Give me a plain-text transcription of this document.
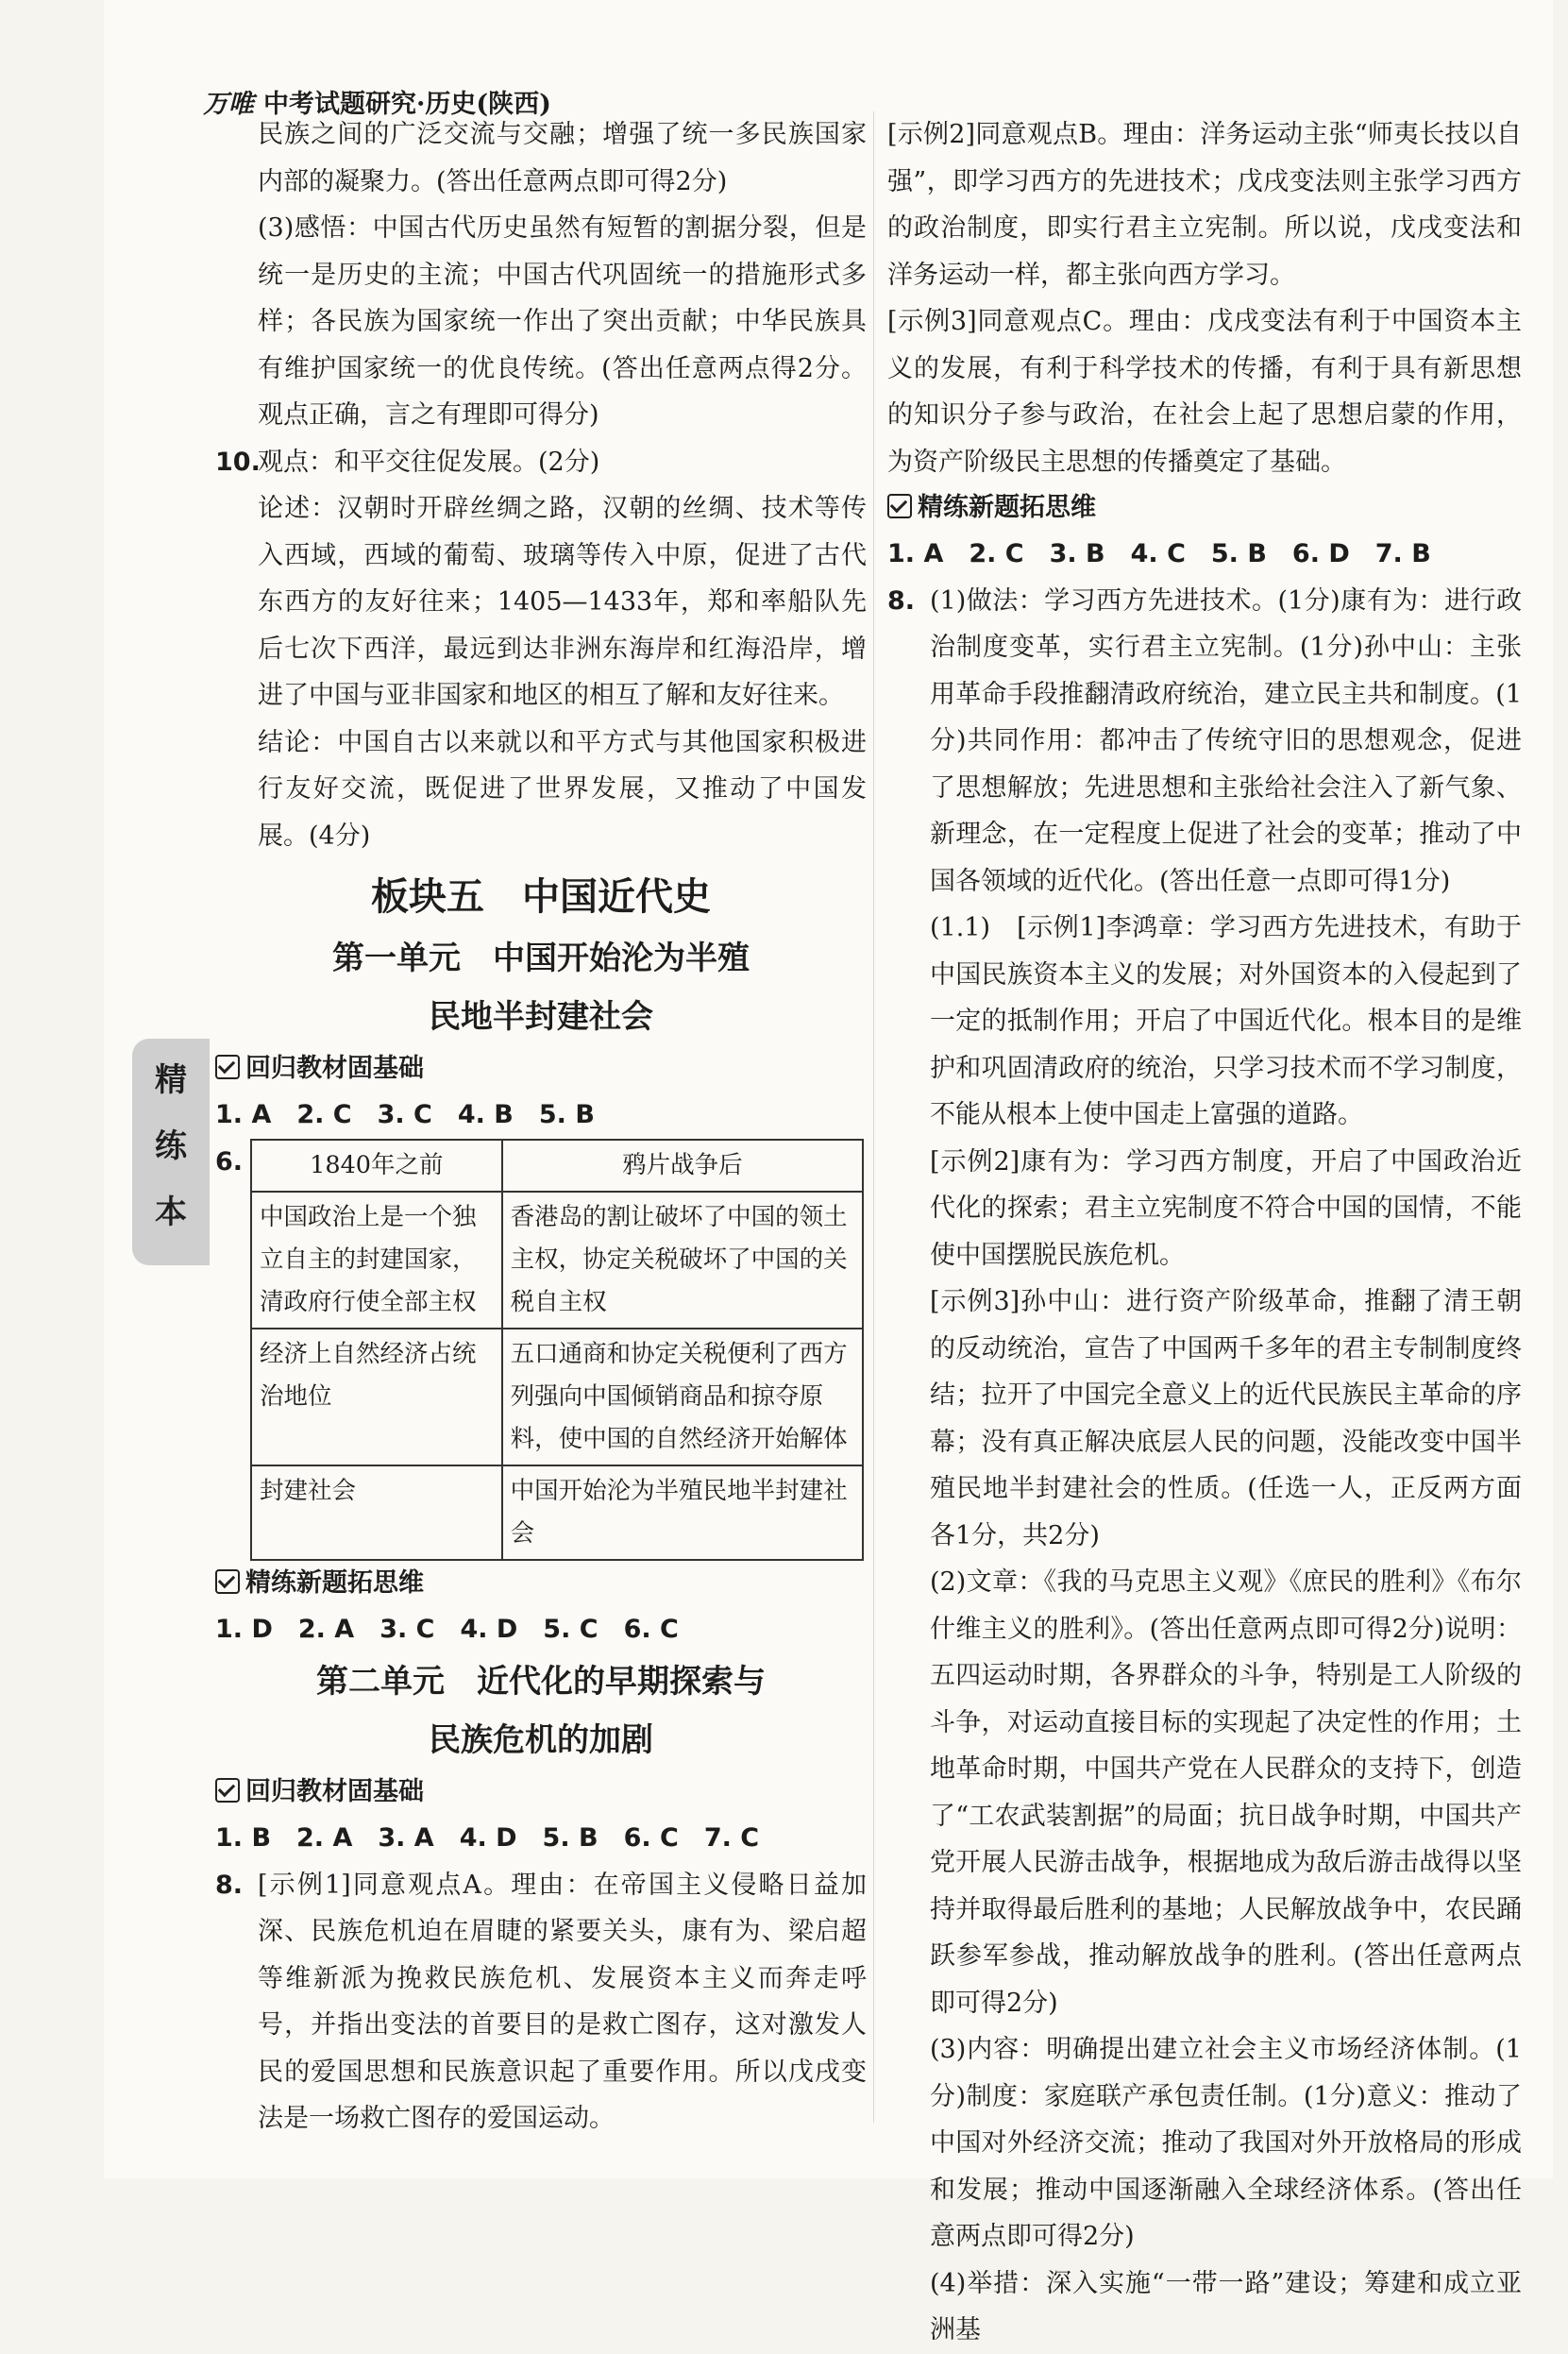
万唯 中考试题研究·历史(陕西)
精
练
本

民族之间的广泛交流与交融；增强了统一多民族国家内部的凝聚力。(答出任意两点即可得2分)

(3)感悟：中国古代历史虽然有短暂的割据分裂，但是统一是历史的主流；中国古代巩固统一的措施形式多样；各民族为国家统一作出了突出贡献；中华民族具有维护国家统一的优良传统。(答出任意两点得2分。观点正确，言之有理即可得分)

10.

观点：和平交往促发展。(2分)

论述：汉朝时开辟丝绸之路，汉朝的丝绸、技术等传入西域，西域的葡萄、玻璃等传入中原，促进了古代东西方的友好往来；1405—1433年，郑和率船队先后七次下西洋，最远到达非洲东海岸和红海沿岸，增进了中国与亚非国家和地区的相互了解和友好往来。

结论：中国自古以来就以和平方式与其他国家积极进行友好交流，既促进了世界发展，又推动了中国发展。(4分)

板块五　中国近代史
第一单元　中国开始沦为半殖
民地半封建社会
回归教材固基础
1. A　2. C　3. C　4. B　5. B
6.	1840年之前	鸦片战争后
中国政治上是一个独立自主的封建国家，清政府行使全部主权	香港岛的割让破坏了中国的领土主权，协定关税破坏了中国的关税自主权
经济上自然经济占统治地位	五口通商和协定关税便利了西方列强向中国倾销商品和掠夺原料，使中国的自然经济开始解体
封建社会	中国开始沦为半殖民地半封建社会
精练新题拓思维
1. D　2. A　3. C　4. D　5. C　6. C
第二单元　近代化的早期探索与
民族危机的加剧
回归教材固基础
1. B　2. A　3. A　4. D　5. B　6. C　7. C
8. [示例1]同意观点A。理由：在帝国主义侵略日益加深、民族危机迫在眉睫的紧要关头，康有为、梁启超等维新派为挽救民族危机、发展资本主义而奔走呼号，并指出变法的首要目的是救亡图存，这对激发人民的爱国思想和民族意识起了重要作用。所以戊戌变法是一场救亡图存的爱国运动。

[示例2]同意观点B。理由：洋务运动主张“师夷长技以自强”，即学习西方的先进技术；戊戌变法则主张学习西方的政治制度，即实行君主立宪制。所以说，戊戌变法和洋务运动一样，都主张向西方学习。

[示例3]同意观点C。理由：戊戌变法有利于中国资本主义的发展，有利于科学技术的传播，有利于具有新思想的知识分子参与政治，在社会上起了思想启蒙的作用，为资产阶级民主思想的传播奠定了基础。

精练新题拓思维
1. A　2. C　3. B　4. C　5. B　6. D　7. B
8. (1)做法：学习西方先进技术。(1分)康有为：进行政治制度变革，实行君主立宪制。(1分)孙中山：主张用革命手段推翻清政府统治，建立民主共和制度。(1分)共同作用：都冲击了传统守旧的思想观念，促进了思想解放；先进思想和主张给社会注入了新气象、新理念，在一定程度上促进了社会的变革；推动了中国各领域的近代化。(答出任意一点即可得1分)

(1.1)　[示例1]李鸿章：学习西方先进技术，有助于中国民族资本主义的发展；对外国资本的入侵起到了一定的抵制作用；开启了中国近代化。根本目的是维护和巩固清政府的统治，只学习技术而不学习制度，不能从根本上使中国走上富强的道路。

[示例2]康有为：学习西方制度，开启了中国政治近代化的探索；君主立宪制度不符合中国的国情，不能使中国摆脱民族危机。

[示例3]孙中山：进行资产阶级革命，推翻了清王朝的反动统治，宣告了中国两千多年的君主专制制度终结；拉开了中国完全意义上的近代民族民主革命的序幕；没有真正解决底层人民的问题，没能改变中国半殖民地半封建社会的性质。(任选一人，正反两方面各1分，共2分)

(2)文章：《我的马克思主义观》《庶民的胜利》《布尔什维主义的胜利》。(答出任意两点即可得2分)说明：五四运动时期，各界群众的斗争，特别是工人阶级的斗争，对运动直接目标的实现起了决定性的作用；土地革命时期，中国共产党在人民群众的支持下，创造了“工农武装割据”的局面；抗日战争时期，中国共产党开展人民游击战争，根据地成为敌后游击战得以坚持并取得最后胜利的基地；人民解放战争中，农民踊跃参军参战，推动解放战争的胜利。(答出任意两点即可得2分)

(3)内容：明确提出建立社会主义市场经济体制。(1分)制度：家庭联产承包责任制。(1分)意义：推动了中国对外经济交流；推动了我国对外开放格局的形成和发展；推动中国逐渐融入全球经济体系。(答出任意两点即可得2分)

(4)举措：深入实施“一带一路”建设；筹建和成立亚洲基
